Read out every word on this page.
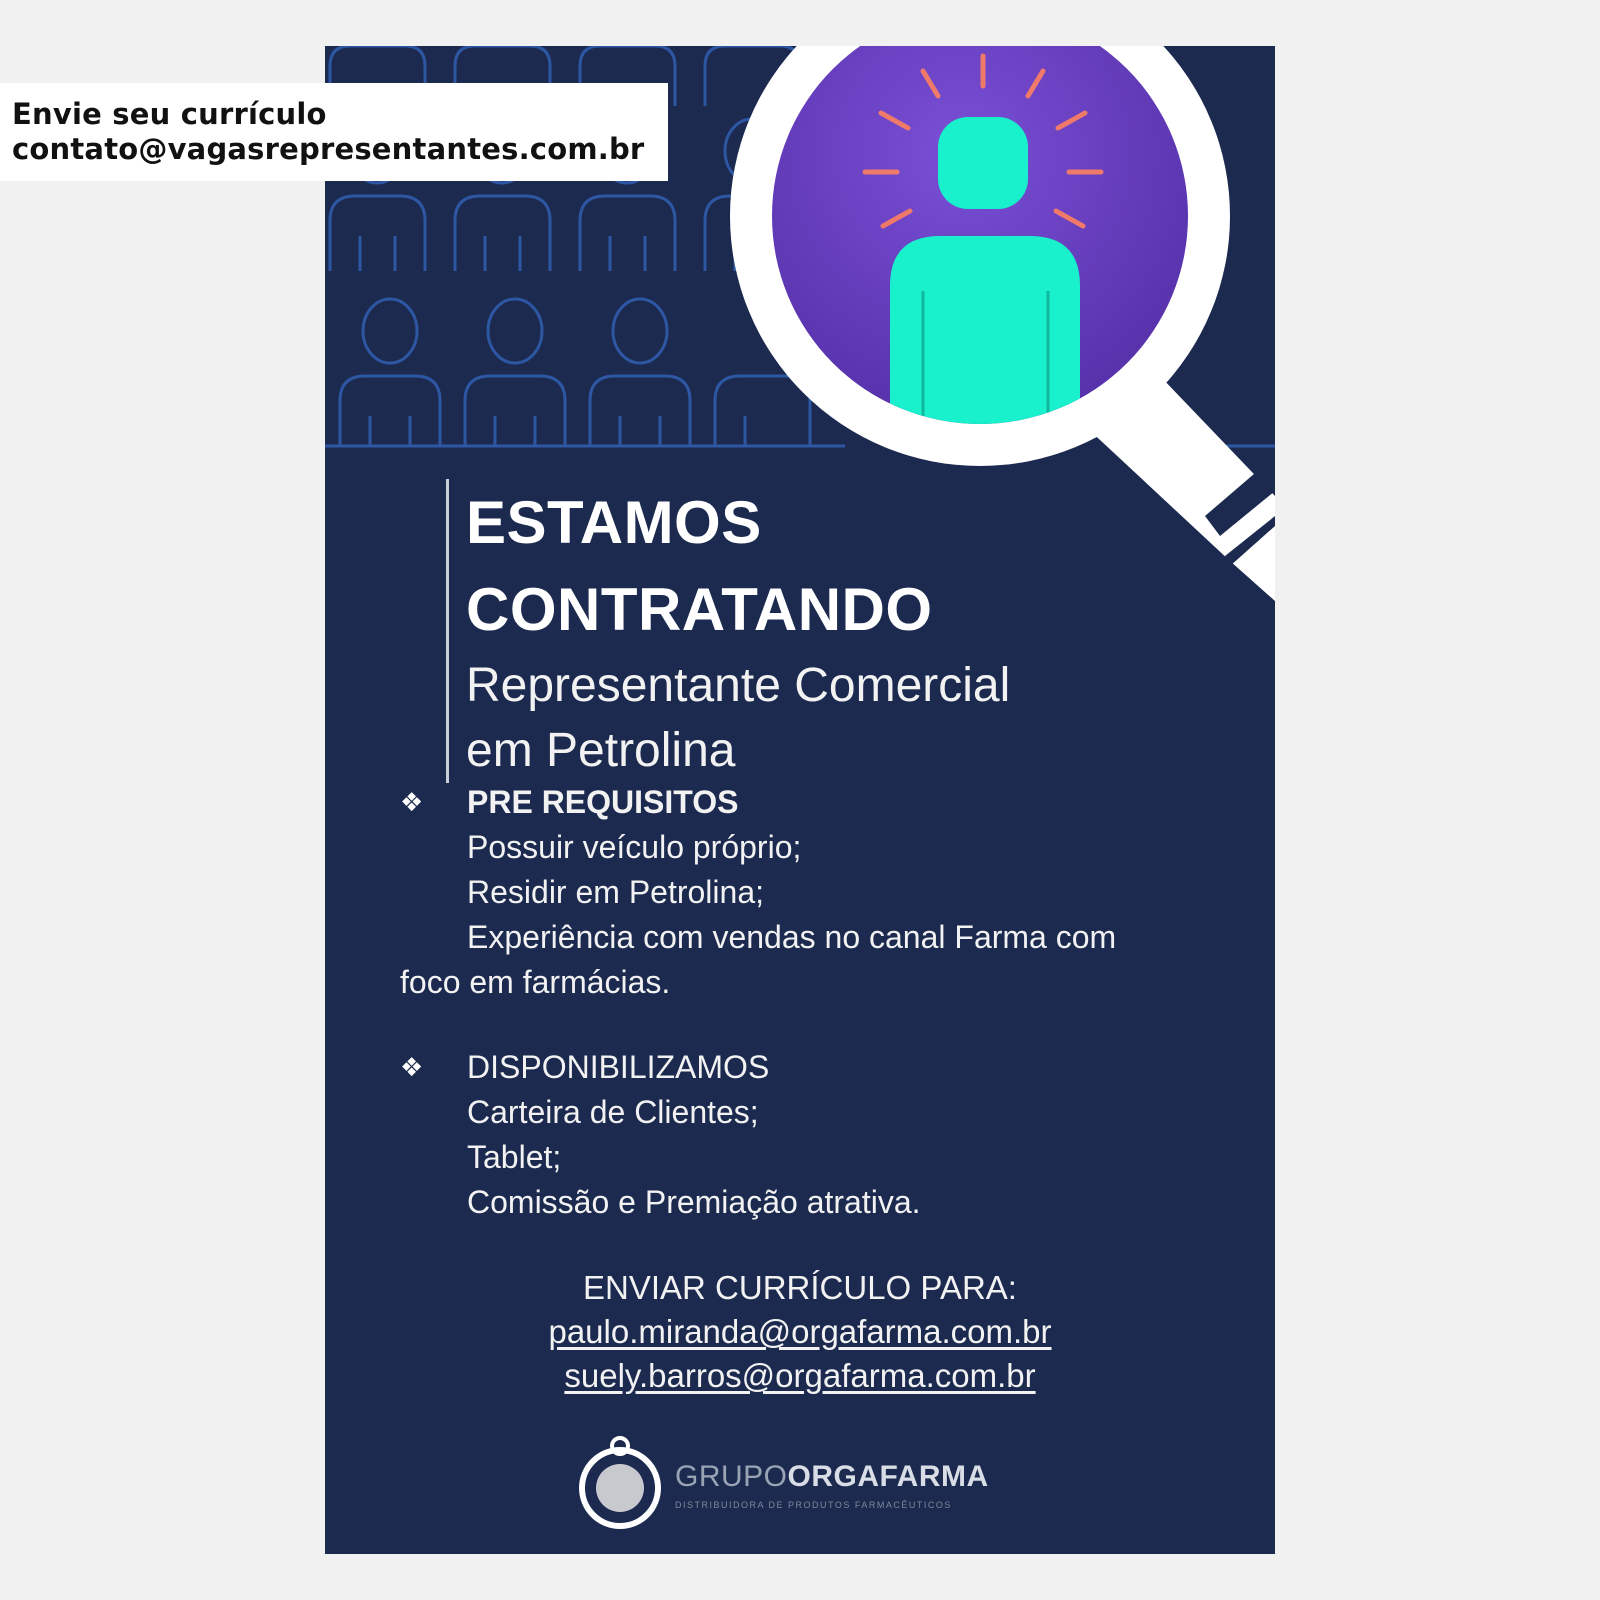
Envie seu currículo
contato@vagasrepresentantes.com.br
ESTAMOS
CONTRATANDO
Representante Comercial
em Petrolina
❖	PRE REQUISITOS
Possuir veículo próprio;
Residir em Petrolina;
Experiência com vendas no canal Farma com
foco em farmácias.
❖	DISPONIBILIZAMOS
Carteira de Clientes;
Tablet;
Comissão e Premiação atrativa.
ENVIAR CURRÍCULO PARA:
paulo.miranda@orgafarma.com.br
suely.barros@orgafarma.com.br
GRUPOORGAFARMA
DISTRIBUIDORA DE PRODUTOS FARMACÊUTICOS
